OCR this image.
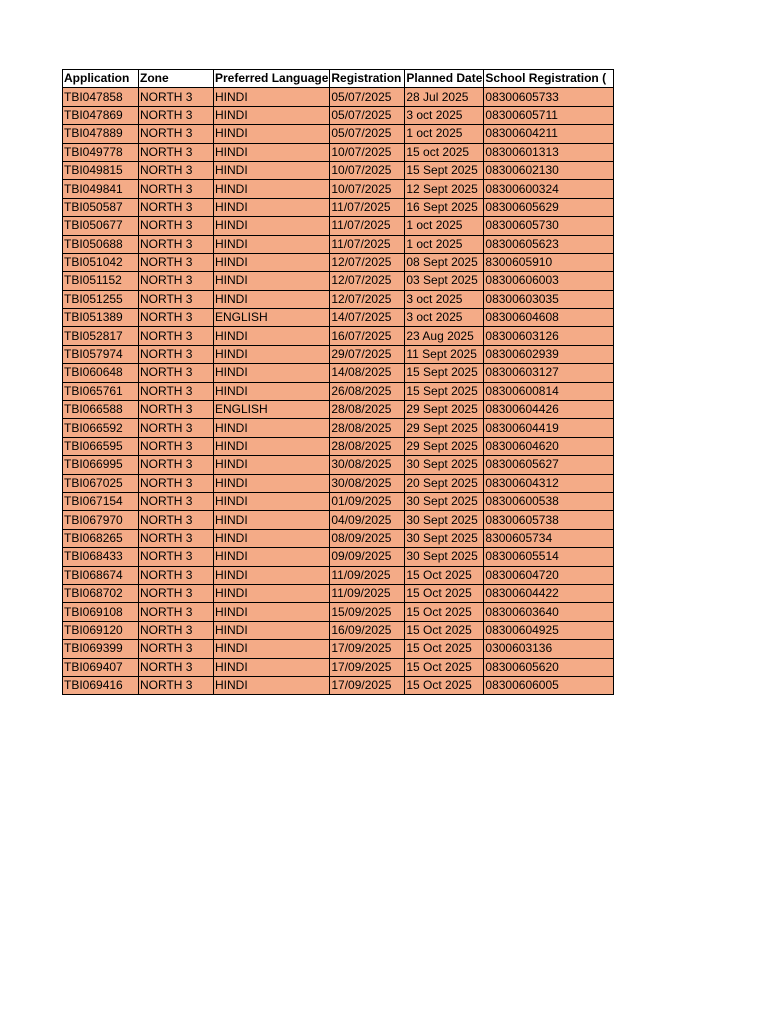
Application	Zone	Preferred Language	Registration	Planned Date	School Registration (
TBI047858	NORTH 3	HINDI	05/07/2025	28 Jul 2025	08300605733
TBI047869	NORTH 3	HINDI	05/07/2025	3 oct 2025	08300605711
TBI047889	NORTH 3	HINDI	05/07/2025	1 oct 2025	08300604211
TBI049778	NORTH 3	HINDI	10/07/2025	15 oct 2025	08300601313
TBI049815	NORTH 3	HINDI	10/07/2025	15 Sept 2025	08300602130
TBI049841	NORTH 3	HINDI	10/07/2025	12 Sept 2025	08300600324
TBI050587	NORTH 3	HINDI	11/07/2025	16 Sept 2025	08300605629
TBI050677	NORTH 3	HINDI	11/07/2025	1 oct 2025	08300605730
TBI050688	NORTH 3	HINDI	11/07/2025	1 oct 2025	08300605623
TBI051042	NORTH 3	HINDI	12/07/2025	08 Sept 2025	8300605910
TBI051152	NORTH 3	HINDI	12/07/2025	03 Sept 2025	08300606003
TBI051255	NORTH 3	HINDI	12/07/2025	3 oct 2025	08300603035
TBI051389	NORTH 3	ENGLISH	14/07/2025	3 oct 2025	08300604608
TBI052817	NORTH 3	HINDI	16/07/2025	23 Aug 2025	08300603126
TBI057974	NORTH 3	HINDI	29/07/2025	11 Sept 2025	08300602939
TBI060648	NORTH 3	HINDI	14/08/2025	15 Sept 2025	08300603127
TBI065761	NORTH 3	HINDI	26/08/2025	15 Sept 2025	08300600814
TBI066588	NORTH 3	ENGLISH	28/08/2025	29 Sept 2025	08300604426
TBI066592	NORTH 3	HINDI	28/08/2025	29 Sept 2025	08300604419
TBI066595	NORTH 3	HINDI	28/08/2025	29 Sept 2025	08300604620
TBI066995	NORTH 3	HINDI	30/08/2025	30 Sept 2025	08300605627
TBI067025	NORTH 3	HINDI	30/08/2025	20 Sept 2025	08300604312
TBI067154	NORTH 3	HINDI	01/09/2025	30 Sept 2025	08300600538
TBI067970	NORTH 3	HINDI	04/09/2025	30 Sept 2025	08300605738
TBI068265	NORTH 3	HINDI	08/09/2025	30 Sept 2025	8300605734
TBI068433	NORTH 3	HINDI	09/09/2025	30 Sept 2025	08300605514
TBI068674	NORTH 3	HINDI	11/09/2025	15 Oct 2025	08300604720
TBI068702	NORTH 3	HINDI	11/09/2025	15 Oct 2025	08300604422
TBI069108	NORTH 3	HINDI	15/09/2025	15 Oct 2025	08300603640
TBI069120	NORTH 3	HINDI	16/09/2025	15 Oct 2025	08300604925
TBI069399	NORTH 3	HINDI	17/09/2025	15 Oct 2025	0300603136
TBI069407	NORTH 3	HINDI	17/09/2025	15 Oct 2025	08300605620
TBI069416	NORTH 3	HINDI	17/09/2025	15 Oct 2025	08300606005
